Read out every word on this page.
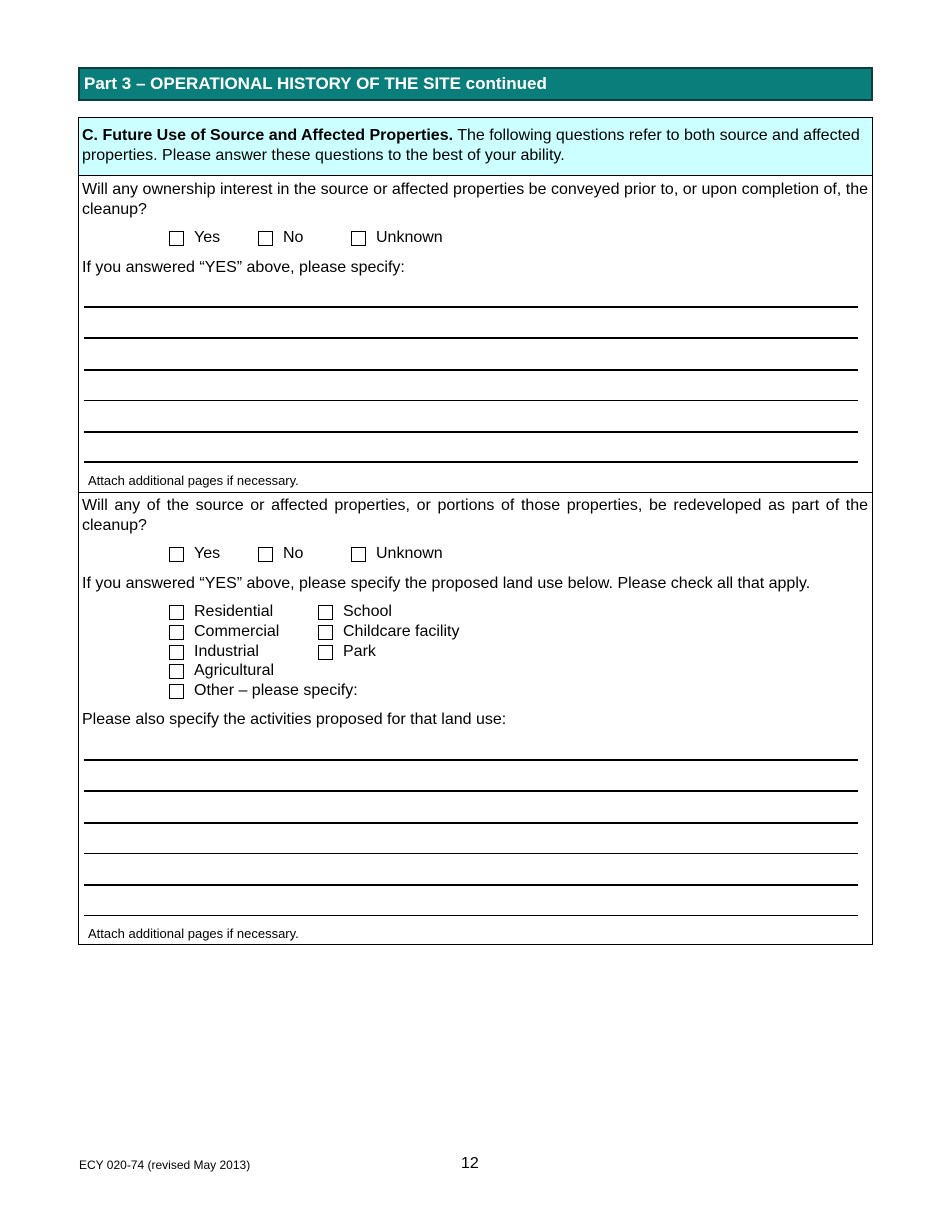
Part 3 – OPERATIONAL HISTORY OF THE SITE continued
C. Future Use of Source and Affected Properties. The following questions refer to both source and affected properties. Please answer these questions to the best of your ability.
Will any ownership interest in the source or affected properties be conveyed prior to, or upon completion of, the cleanup?
Yes	No	Unknown
If you answered “YES” above, please specify:
Attach additional pages if necessary.
Will any of the source or affected properties, or portions of those properties, be redeveloped as part of the cleanup?
Yes	No	Unknown
If you answered “YES” above, please specify the proposed land use below. Please check all that apply.
Residential
Commercial
Industrial
Agricultural
Other – please specify:
School
Childcare facility
Park
Please also specify the activities proposed for that land use:
Attach additional pages if necessary.
ECY 020-74 (revised May 2013)	12
